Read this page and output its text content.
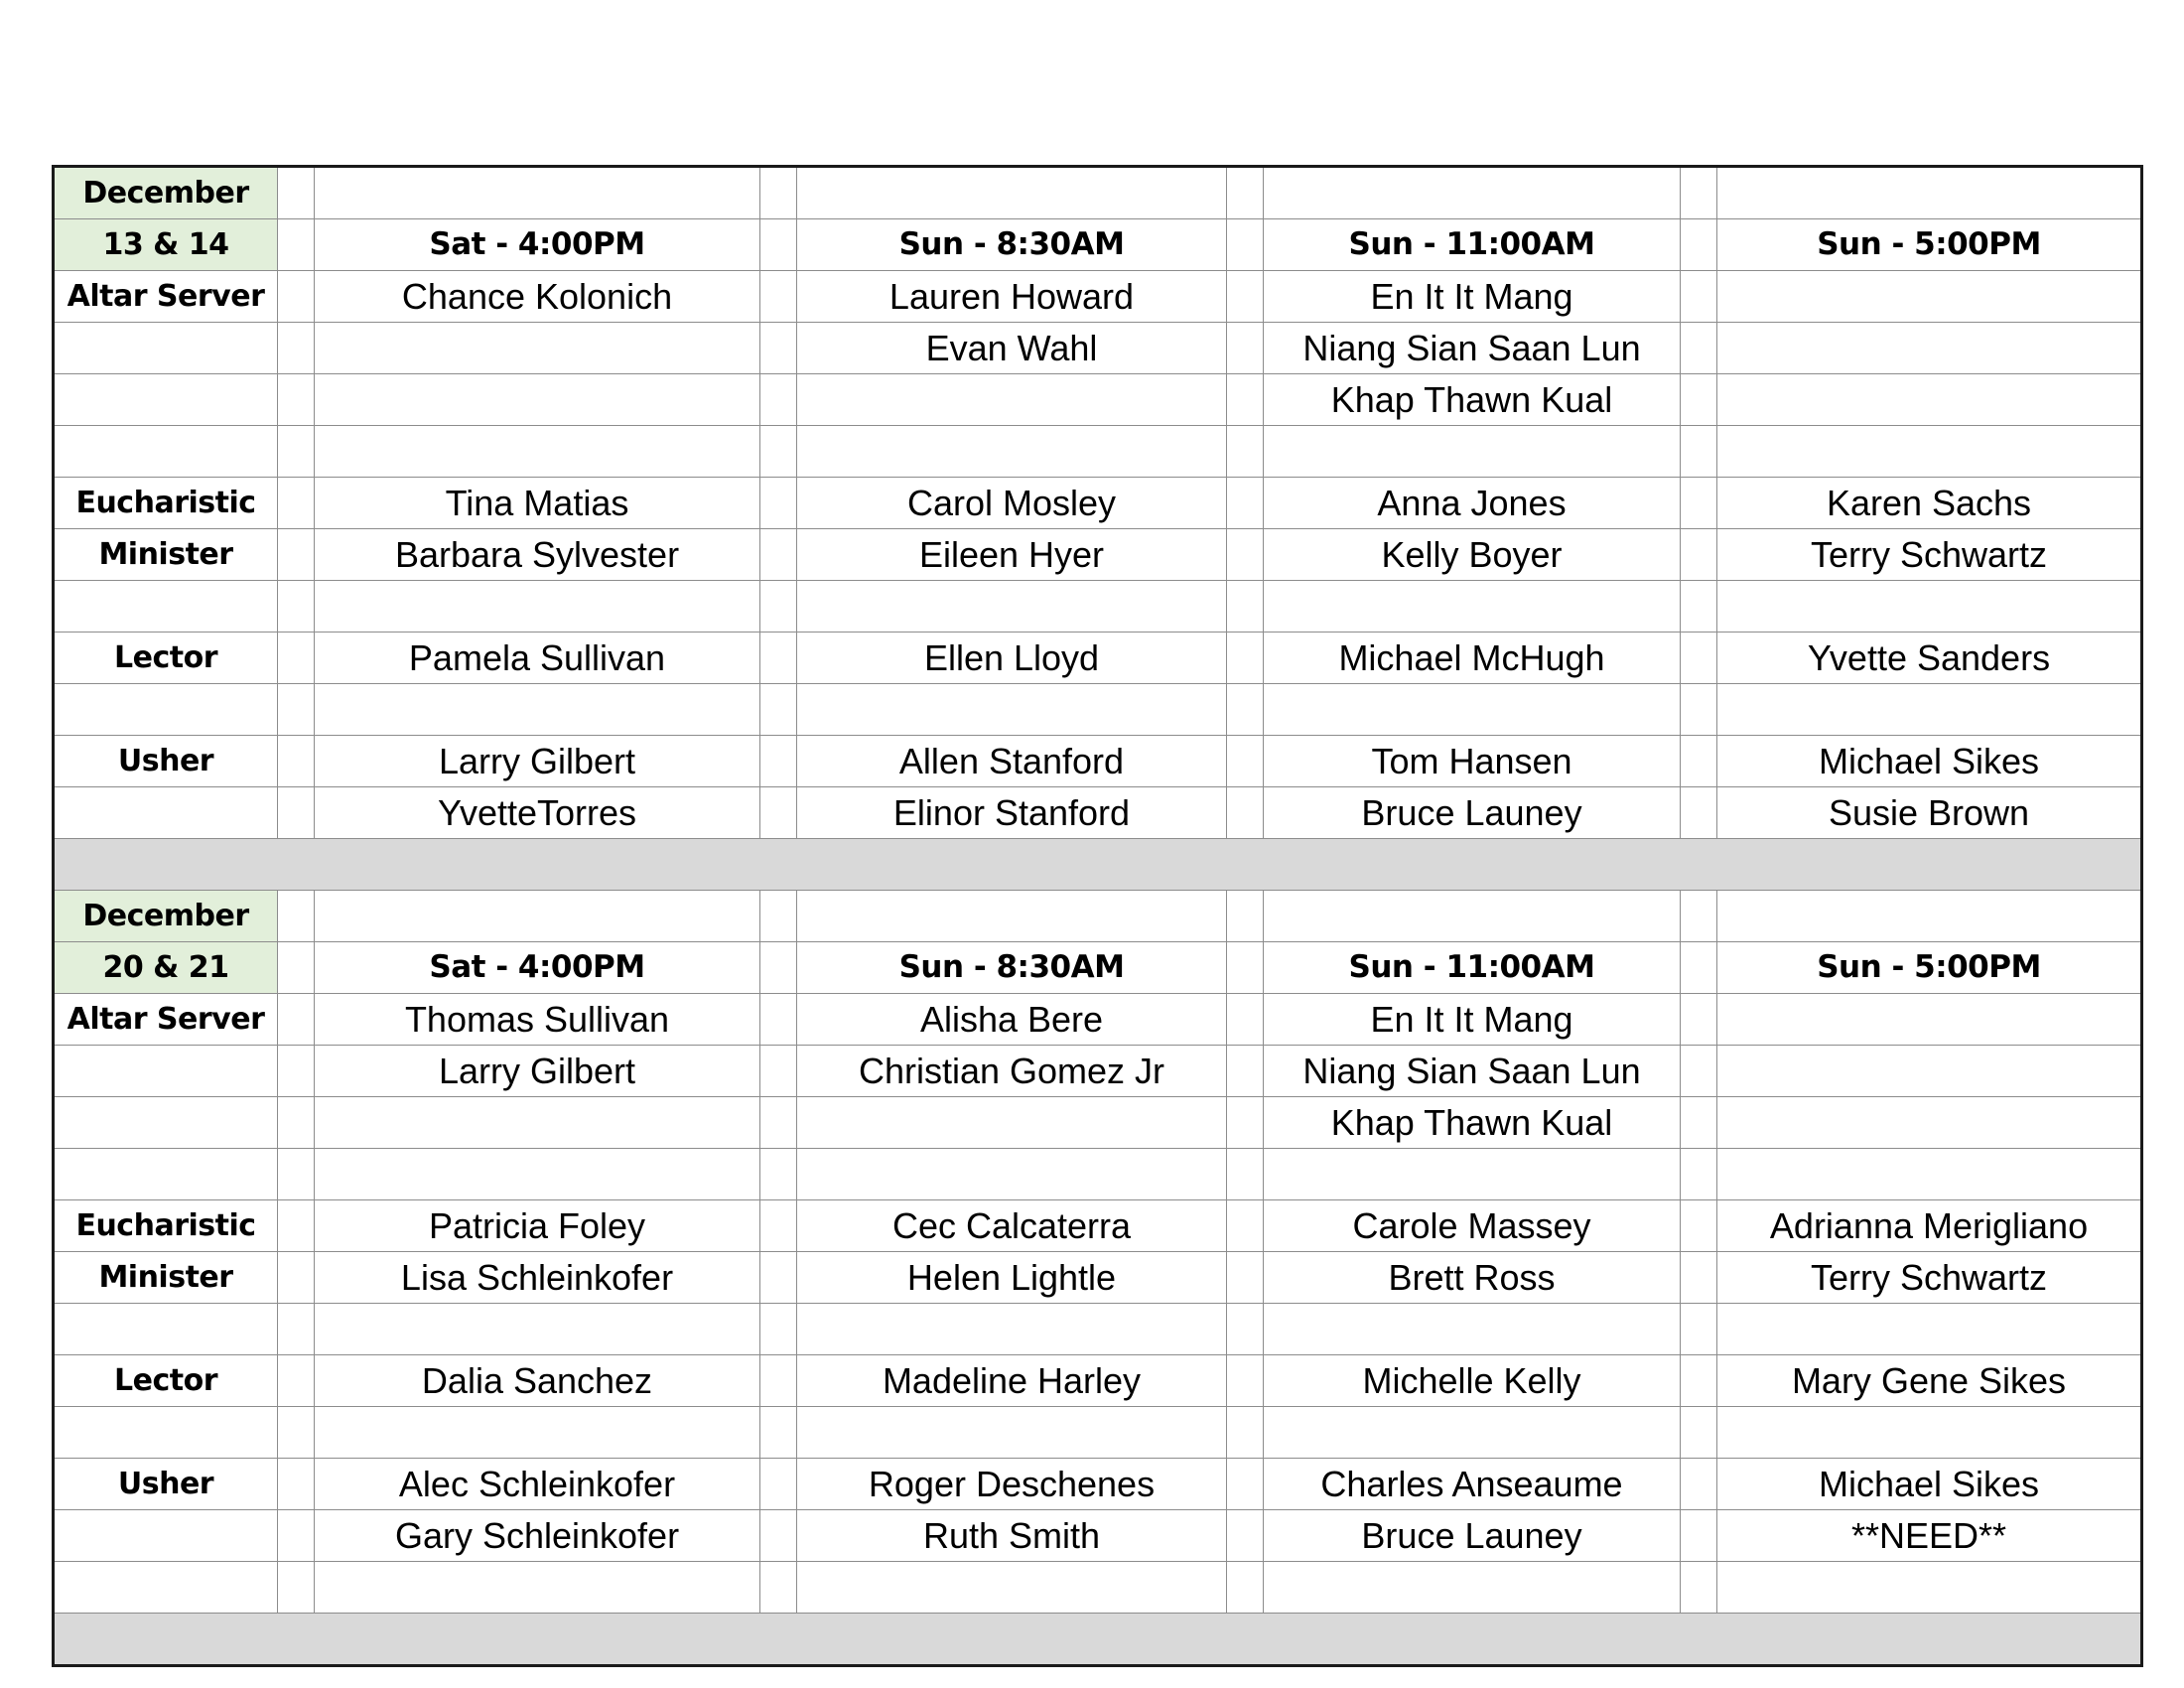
December								
13 & 14		Sat - 4:00PM		Sun - 8:30AM		Sun - 11:00AM		Sun - 5:00PM
Altar Server		Chance Kolonich		Lauren Howard		En It It Mang		
				Evan Wahl		Niang Sian Saan Lun		
						Khap Thawn Kual		

Eucharistic		Tina Matias		Carol Mosley		Anna Jones		Karen Sachs
Minister		Barbara Sylvester		Eileen Hyer		Kelly Boyer		Terry Schwartz

Lector		Pamela Sullivan		Ellen Lloyd		Michael McHugh		Yvette Sanders

Usher		Larry Gilbert		Allen Stanford		Tom Hansen		Michael Sikes
		YvetteTorres		Elinor Stanford		Bruce Launey		Susie Brown

December								
20 & 21		Sat - 4:00PM		Sun - 8:30AM		Sun - 11:00AM		Sun - 5:00PM
Altar Server		Thomas Sullivan		Alisha Bere		En It It Mang		
		Larry Gilbert		Christian Gomez Jr		Niang Sian Saan Lun		
						Khap Thawn Kual		

Eucharistic		Patricia Foley		Cec Calcaterra		Carole Massey		Adrianna Merigliano
Minister		Lisa Schleinkofer		Helen Lightle		Brett Ross		Terry Schwartz

Lector		Dalia Sanchez		Madeline Harley		Michelle Kelly		Mary Gene Sikes

Usher		Alec Schleinkofer		Roger Deschenes		Charles Anseaume		Michael Sikes
		Gary Schleinkofer		Ruth Smith		Bruce Launey		**NEED**
